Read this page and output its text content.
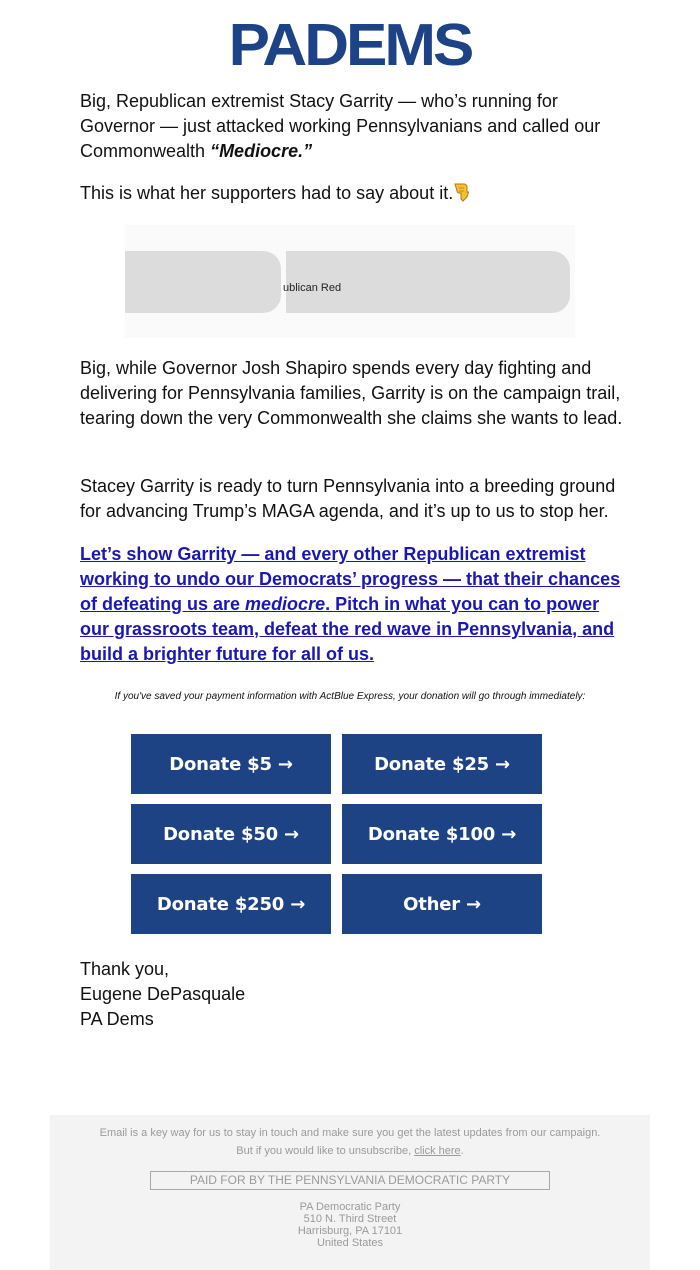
PADEMS

Big, Republican extremist Stacy Garrity — who’s running for Governor — just attacked working Pennsylvanians and called our Commonwealth “Mediocre.”

This is what her supporters had to say about it.

ublican Red

Big, while Governor Josh Shapiro spends every day fighting and delivering for Pennsylvania families, Garrity is on the campaign trail, tearing down the very Commonwealth she claims she wants to lead.

Stacey Garrity is ready to turn Pennsylvania into a breeding ground for advancing Trump’s MAGA agenda, and it’s up to us to stop her.

Let’s show Garrity — and every other Republican extremist working to undo our Democrats’ progress — that their chances of defeating us are mediocre. Pitch in what you can to power our grassroots team, defeat the red wave in Pennsylvania, and build a brighter future for all of us.

If you've saved your payment information with ActBlue Express, your donation will go through immediately:
Donate $5 →	Donate $25 →
Donate $50 →	Donate $100 →
Donate $250 →	Other →
Thank you,
Eugene DePasquale
PA Dems
Email is a key way for us to stay in touch and make sure you get the latest updates from our campaign.
But if you would like to unsubscribe, click here.
PAID FOR BY THE PENNSYLVANIA DEMOCRATIC PARTY
PA Democratic Party
510 N. Third Street
Harrisburg, PA 17101
United States
